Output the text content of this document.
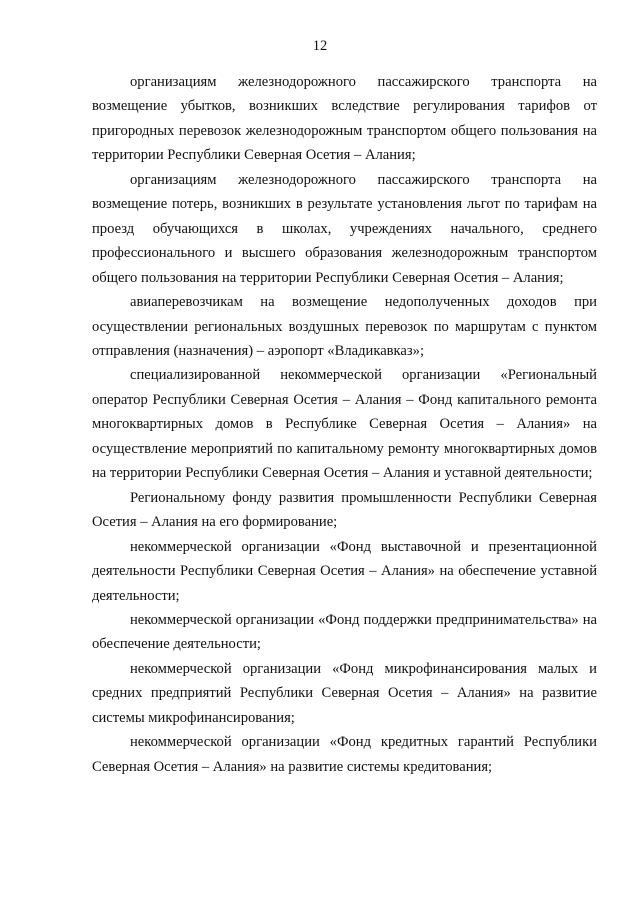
12

организациям железнодорожного пассажирского транспорта на возмещение убытков, возникших вследствие регулирования тарифов от пригородных перевозок железнодорожным транспортом общего пользования на территории Республики Северная Осетия – Алания;

организациям железнодорожного пассажирского транспорта на возмещение потерь, возникших в результате установления льгот по тарифам на проезд обучающихся в школах, учреждениях начального, среднего профессионального и высшего образования железнодорожным транспортом общего пользования на территории Республики Северная Осетия – Алания;

авиаперевозчикам на возмещение недополученных доходов при осуществлении региональных воздушных перевозок по маршрутам с пунктом отправления (назначения) – аэропорт «Владикавказ»;

специализированной некоммерческой организации «Региональный оператор Республики Северная Осетия – Алания – Фонд капитального ремонта многоквартирных домов в Республике Северная Осетия – Алания» на осуществление мероприятий по капитальному ремонту многоквартирных домов на территории Республики Северная Осетия – Алания и уставной деятельности;

Региональному фонду развития промышленности Республики Северная Осетия – Алания на его формирование;

некоммерческой организации «Фонд выставочной и презентационной деятельности Республики Северная Осетия – Алания» на обеспечение уставной деятельности;

некоммерческой организации «Фонд поддержки предпринимательства» на обеспечение деятельности;

некоммерческой организации «Фонд микрофинансирования малых и средних предприятий Республики Северная Осетия – Алания» на развитие системы микрофинансирования;

некоммерческой организации «Фонд кредитных гарантий Республики Северная Осетия – Алания» на развитие системы кредитования;
